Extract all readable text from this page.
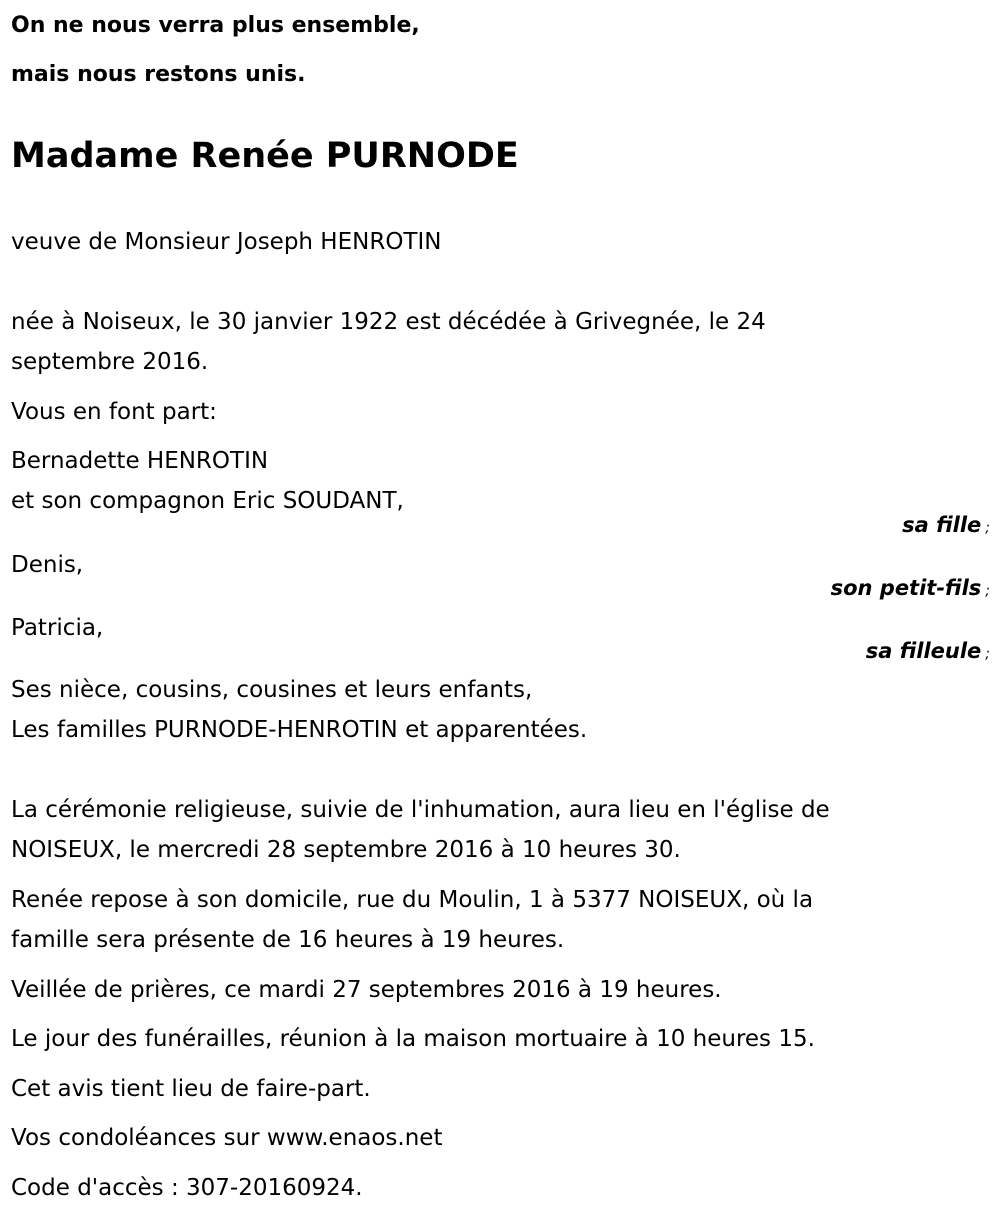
On ne nous verra plus ensemble,
mais nous restons unis.
Madame Renée PURNODE
veuve de Monsieur Joseph HENROTIN
née à Noiseux, le 30 janvier 1922 est décédée à Grivegnée, le 24
septembre 2016.
Vous en font part:
Bernadette HENROTIN
et son compagnon Eric SOUDANT,
sa fille ;
Denis,
son petit-fils ;
Patricia,
sa filleule ;
Ses nièce, cousins, cousines et leurs enfants,
Les familles PURNODE-HENROTIN et apparentées.
La cérémonie religieuse, suivie de l'inhumation, aura lieu en l'église de
NOISEUX, le mercredi 28 septembre 2016 à 10 heures 30.
Renée repose à son domicile, rue du Moulin, 1 à 5377 NOISEUX, où la
famille sera présente de 16 heures à 19 heures.
Veillée de prières, ce mardi 27 septembres 2016 à 19 heures.
Le jour des funérailles, réunion à la maison mortuaire à 10 heures 15.
Cet avis tient lieu de faire-part.
Vos condoléances sur www.enaos.net
Code d'accès : 307-20160924.
